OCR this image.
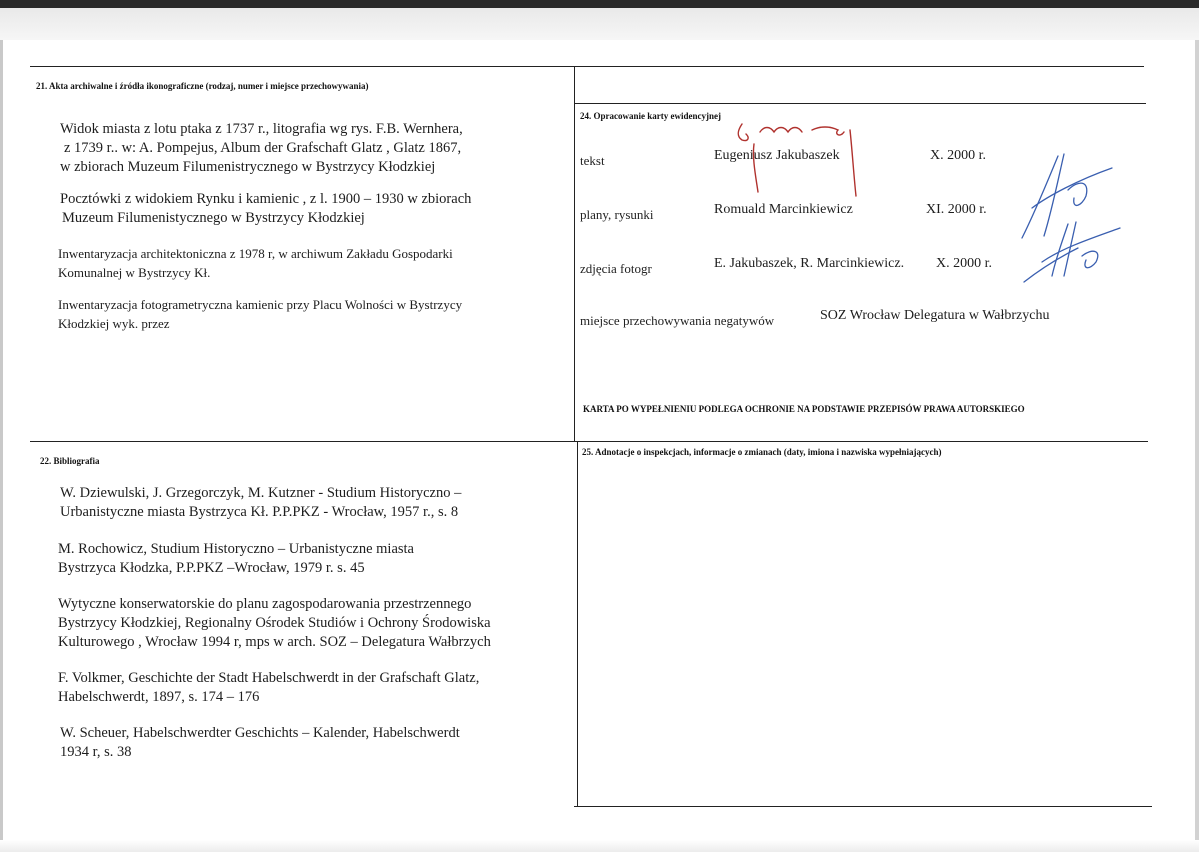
21. Akta archiwalne i źródła ikonograficzne (rodzaj, numer i miejsce przechowywania)
Widok miasta z lotu ptaka z 1737 r., litografia wg rys. F.B. Wernhera,
z 1739 r.. w: A. Pompejus, Album der Grafschaft Glatz , Glatz 1867,
w zbiorach Muzeum Filumenistrycznego w Bystrzycy Kłodzkiej
Pocztówki z widokiem Rynku i kamienic , z l. 1900 – 1930 w zbiorach
Muzeum Filumenistycznego w Bystrzycy Kłodzkiej
Inwentaryzacja architektoniczna z 1978 r, w archiwum Zakładu Gospodarki
Komunalnej w Bystrzycy Kł.
Inwentaryzacja fotogrametryczna kamienic przy Placu Wolności w Bystrzycy
Kłodzkiej wyk. przez
24. Opracowanie karty ewidencyjnej
tekst	Eugeniusz Jakubaszek	X. 2000 r.
plany, rysunki	Romuald Marcinkiewicz	XI. 2000 r.
zdjęcia fotogr	E. Jakubaszek, R. Marcinkiewicz. X. 2000 r.
miejsce przechowywania negatywów	SOZ Wrocław Delegatura w Wałbrzychu
KARTA PO WYPEŁNIENIU PODLEGA OCHRONIE NA PODSTAWIE PRZEPISÓW PRAWA AUTORSKIEGO
22. Bibliografia
W. Dziewulski, J. Grzegorczyk, M. Kutzner - Studium Historyczno –
Urbanistyczne miasta Bystrzyca Kł. P.P.PKZ - Wrocław, 1957 r., s. 8
M. Rochowicz, Studium Historyczno – Urbanistyczne miasta
Bystrzyca Kłodzka, P.P.PKZ –Wrocław, 1979 r. s. 45
Wytyczne konserwatorskie do planu zagospodarowania przestrzennego
Bystrzycy Kłodzkiej, Regionalny Ośrodek Studiów i Ochrony Środowiska
Kulturowego , Wrocław 1994 r, mps w arch. SOZ – Delegatura Wałbrzych
F. Volkmer, Geschichte der Stadt Habelschwerdt in der Grafschaft Glatz,
Habelschwerdt, 1897, s. 174 – 176
W. Scheuer, Habelschwerdter Geschichts – Kalender, Habelschwerdt
1934 r, s. 38
25. Adnotacje o inspekcjach, informacje o zmianach (daty, imiona i nazwiska wypełniających)
